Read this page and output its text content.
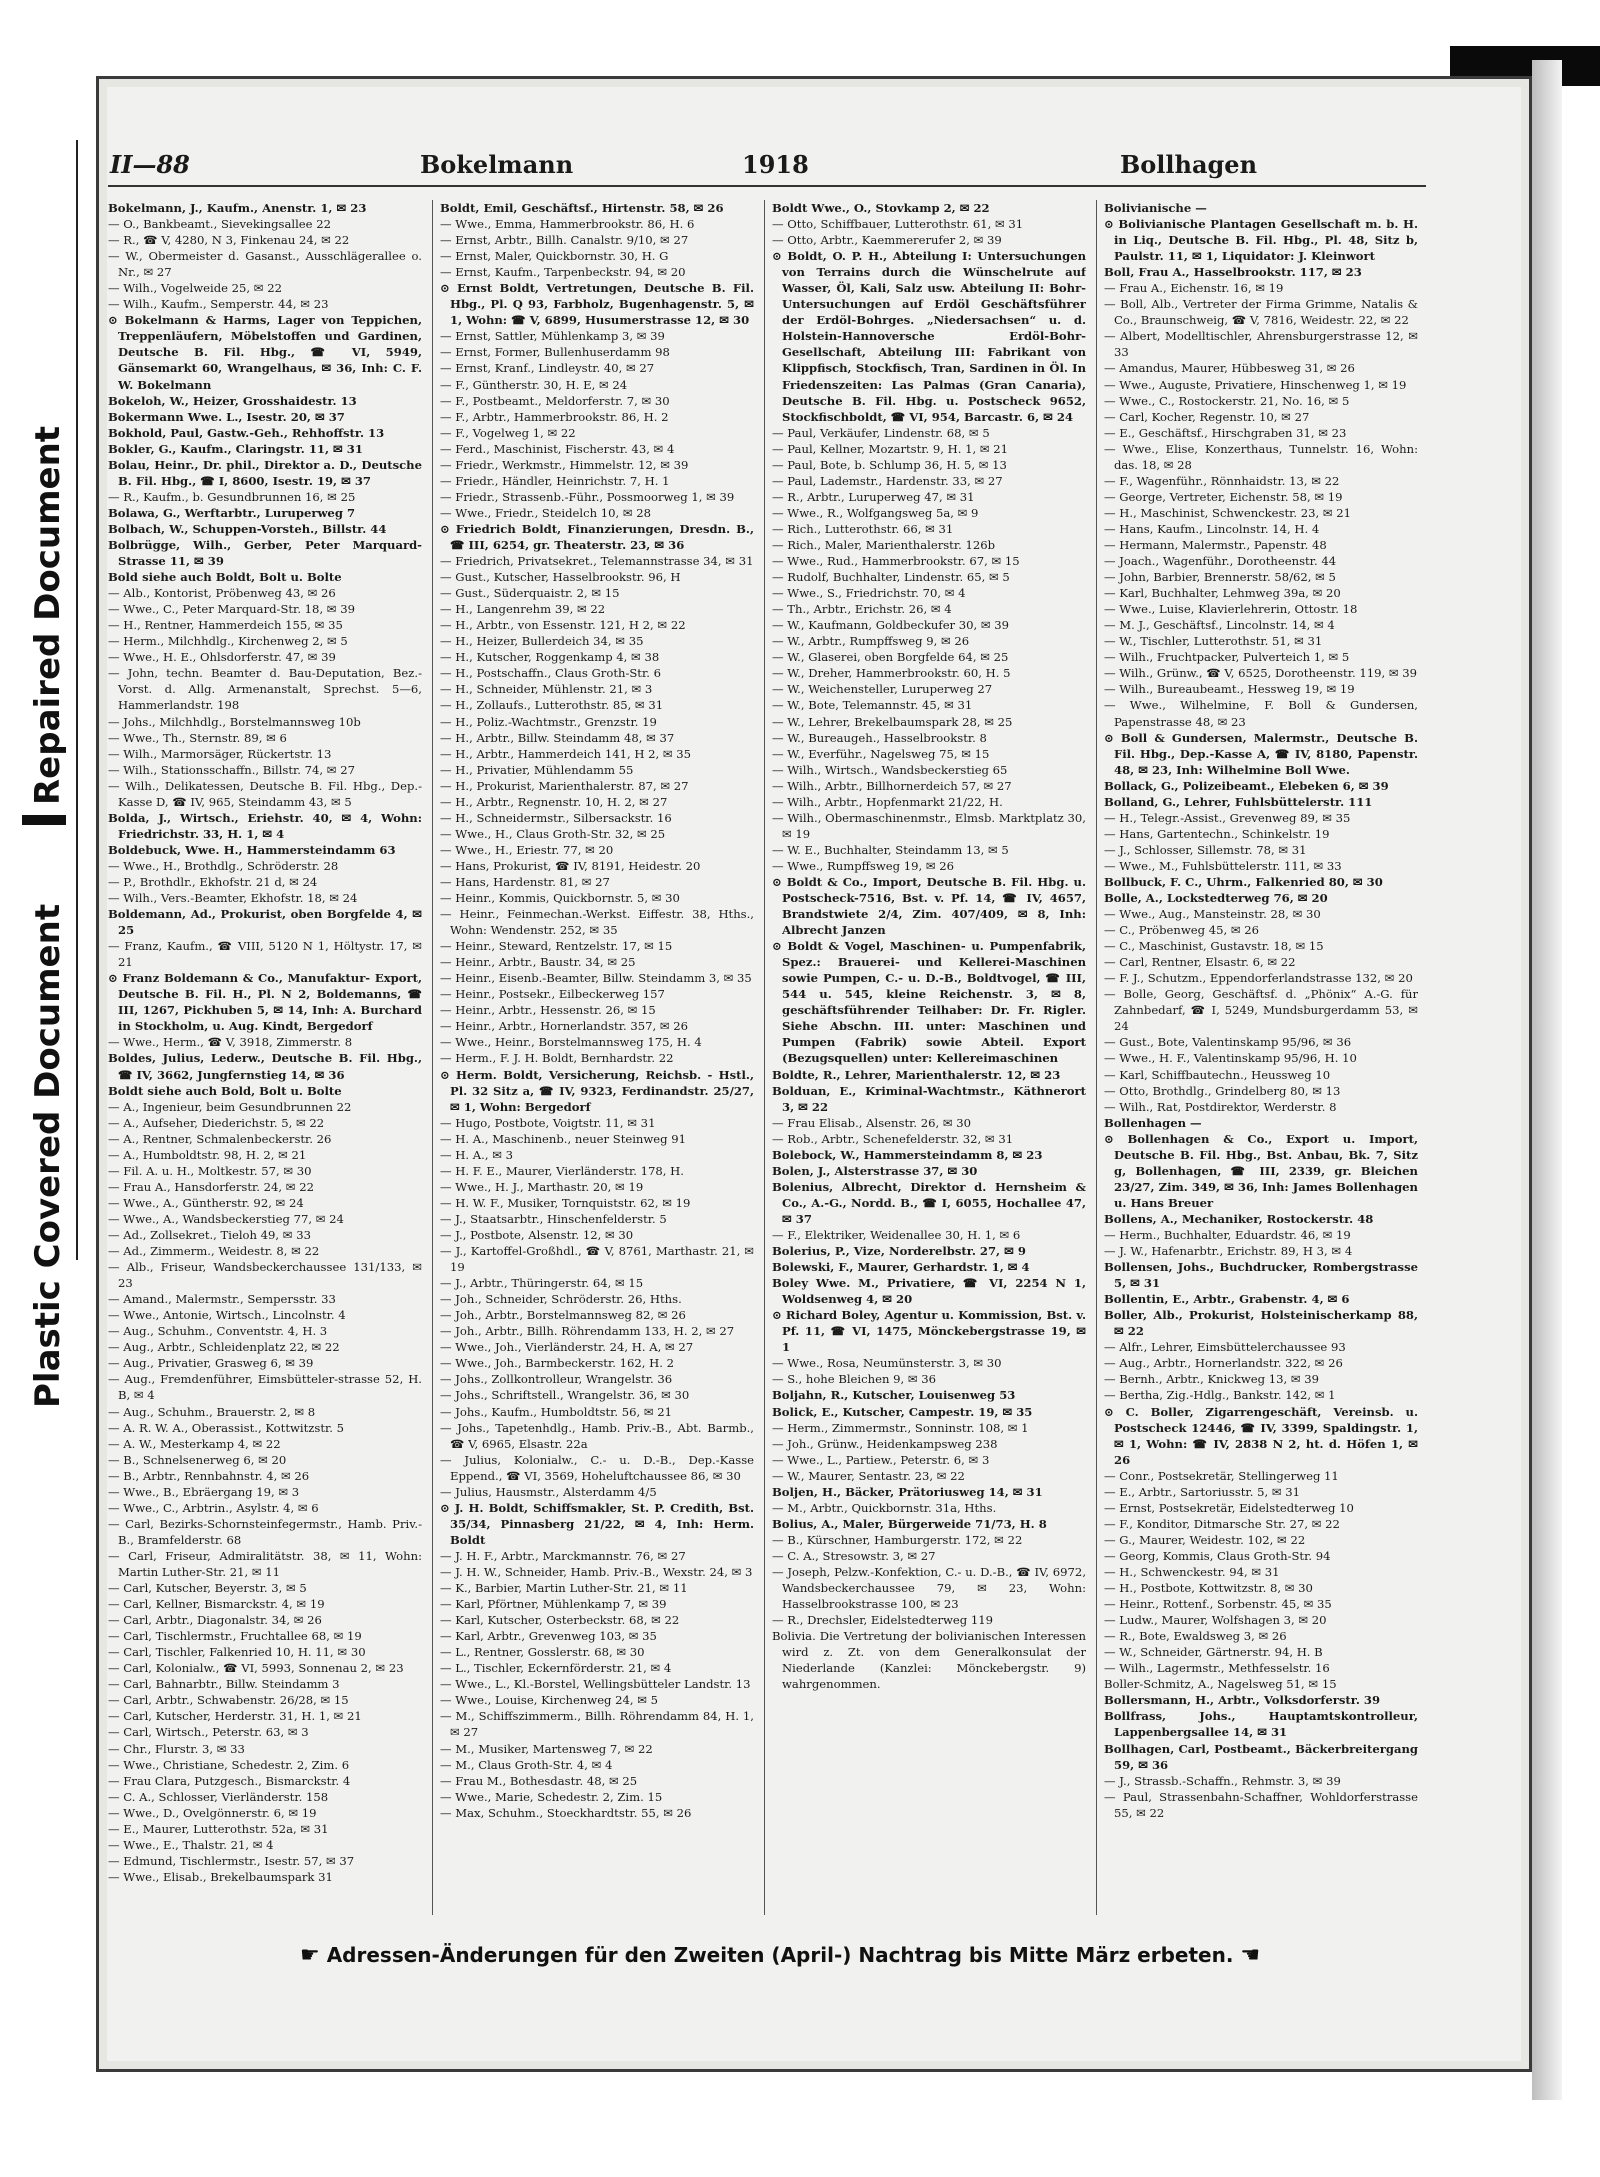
Repaired Document
Plastic Covered Document
II—88	Bokelmann	1918	Bollhagen

Bokelmann, J., Kaufm., Anenstr. 1, ✉ 23

— O., Bankbeamt., Sievekingsallee 22

— R., ☎ V, 4280, N 3, Finkenau 24, ✉ 22

— W., Obermeister d. Gasanst., Ausschlägerallee o. Nr., ✉ 27

— Wilh., Vogelweide 25, ✉ 22

— Wilh., Kaufm., Semperstr. 44, ✉ 23

⊙ Bokelmann & Harms, Lager von Teppichen, Treppenläufern, Möbelstoffen und Gardinen, Deutsche B. Fil. Hbg., ☎ VI, 5949, Gänsemarkt 60, Wrangelhaus, ✉ 36, Inh: C. F. W. Bokelmann

Bokeloh, W., Heizer, Grosshaidestr. 13

Bokermann Wwe. L., Isestr. 20, ✉ 37

Bokhold, Paul, Gastw.-Geh., Rehhoffstr. 13

Bokler, G., Kaufm., Claringstr. 11, ✉ 31

Bolau, Heinr., Dr. phil., Direktor a. D., Deutsche B. Fil. Hbg., ☎ I, 8600, Isestr. 19, ✉ 37

— R., Kaufm., b. Gesundbrunnen 16, ✉ 25

Bolawa, G., Werftarbtr., Luruperweg 7

Bolbach, W., Schuppen-Vorsteh., Billstr. 44

Bolbrügge, Wilh., Gerber, Peter Marquard-Strasse 11, ✉ 39

Bold siehe auch Boldt, Bolt u. Bolte

— Alb., Kontorist, Pröbenweg 43, ✉ 26

— Wwe., C., Peter Marquard-Str. 18, ✉ 39

— H., Rentner, Hammerdeich 155, ✉ 35

— Herm., Milchhdlg., Kirchenweg 2, ✉ 5

— Wwe., H. E., Ohlsdorferstr. 47, ✉ 39

— John, techn. Beamter d. Bau-Deputation, Bez.-Vorst. d. Allg. Armenanstalt, Sprechst. 5—6, Hammerlandstr. 198

— Johs., Milchhdlg., Borstelmannsweg 10b

— Wwe., Th., Sternstr. 89, ✉ 6

— Wilh., Marmorsäger, Rückertstr. 13

— Wilh., Stationsschaffn., Billstr. 74, ✉ 27

— Wilh., Delikatessen, Deutsche B. Fil. Hbg., Dep.-Kasse D, ☎ IV, 965, Steindamm 43, ✉ 5

Bolda, J., Wirtsch., Eriehstr. 40, ✉ 4, Wohn: Friedrichstr. 33, H. 1, ✉ 4

Boldebuck, Wwe. H., Hammersteindamm 63

— Wwe., H., Brothdlg., Schröderstr. 28

— P., Brothdlr., Ekhofstr. 21 d, ✉ 24

— Wilh., Vers.-Beamter, Ekhofstr. 18, ✉ 24

Boldemann, Ad., Prokurist, oben Borgfelde 4, ✉ 25

— Franz, Kaufm., ☎ VIII, 5120 N 1, Höltystr. 17, ✉ 21

⊙ Franz Boldemann & Co., Manufaktur- Export, Deutsche B. Fil. H., Pl. N 2, Boldemanns, ☎ III, 1267, Pickhuben 5, ✉ 14, Inh: A. Burchard in Stockholm, u. Aug. Kindt, Bergedorf

— Wwe., Herm., ☎ V, 3918, Zimmerstr. 8

Boldes, Julius, Lederw., Deutsche B. Fil. Hbg., ☎ IV, 3662, Jungfernstieg 14, ✉ 36

Boldt siehe auch Bold, Bolt u. Bolte

— A., Ingenieur, beim Gesundbrunnen 22

— A., Aufseher, Diederichstr. 5, ✉ 22

— A., Rentner, Schmalenbeckerstr. 26

— A., Humboldtstr. 98, H. 2, ✉ 21

— Fil. A. u. H., Moltkestr. 57, ✉ 30

— Frau A., Hansdorferstr. 24, ✉ 22

— Wwe., A., Güntherstr. 92, ✉ 24

— Wwe., A., Wandsbeckerstieg 77, ✉ 24

— Ad., Zollsekret., Tieloh 49, ✉ 33

— Ad., Zimmerm., Weidestr. 8, ✉ 22

— Alb., Friseur, Wandsbeckerchaussee 131/133, ✉ 23

— Amand., Malermstr., Sempersstr. 33

— Wwe., Antonie, Wirtsch., Lincolnstr. 4

— Aug., Schuhm., Conventstr. 4, H. 3

— Aug., Arbtr., Schleidenplatz 22, ✉ 22

— Aug., Privatier, Grasweg 6, ✉ 39

— Aug., Fremdenführer, Eimsbütteler-strasse 52, H. B, ✉ 4

— Aug., Schuhm., Brauerstr. 2, ✉ 8

— A. R. W. A., Oberassist., Kottwitzstr. 5

— A. W., Mesterkamp 4, ✉ 22

— B., Schnelsenerweg 6, ✉ 20

— B., Arbtr., Rennbahnstr. 4, ✉ 26

— Wwe., B., Ebräergang 19, ✉ 3

— Wwe., C., Arbtrin., Asylstr. 4, ✉ 6

— Carl, Bezirks-Schornsteinfegermstr., Hamb. Priv.-B., Bramfelderstr. 68

— Carl, Friseur, Admiralitätstr. 38, ✉ 11, Wohn: Martin Luther-Str. 21, ✉ 11

— Carl, Kutscher, Beyerstr. 3, ✉ 5

— Carl, Kellner, Bismarckstr. 4, ✉ 19

— Carl, Arbtr., Diagonalstr. 34, ✉ 26

— Carl, Tischlermstr., Fruchtallee 68, ✉ 19

— Carl, Tischler, Falkenried 10, H. 11, ✉ 30

— Carl, Kolonialw., ☎ VI, 5993, Sonnenau 2, ✉ 23

— Carl, Bahnarbtr., Billw. Steindamm 3

— Carl, Arbtr., Schwabenstr. 26/28, ✉ 15

— Carl, Kutscher, Herderstr. 31, H. 1, ✉ 21

— Carl, Wirtsch., Peterstr. 63, ✉ 3

— Chr., Flurstr. 3, ✉ 33

— Wwe., Christiane, Schedestr. 2, Zim. 6

— Frau Clara, Putzgesch., Bismarckstr. 4

— C. A., Schlosser, Vierländerstr. 158

— Wwe., D., Ovelgönnerstr. 6, ✉ 19

— E., Maurer, Lutterothstr. 52a, ✉ 31

— Wwe., E., Thalstr. 21, ✉ 4

— Edmund, Tischlermstr., Isestr. 57, ✉ 37

— Wwe., Elisab., Brekelbaumspark 31

Boldt, Emil, Geschäftsf., Hirtenstr. 58, ✉ 26

— Wwe., Emma, Hammerbrookstr. 86, H. 6

— Ernst, Arbtr., Billh. Canalstr. 9/10, ✉ 27

— Ernst, Maler, Quickbornstr. 30, H. G

— Ernst, Kaufm., Tarpenbeckstr. 94, ✉ 20

⊙ Ernst Boldt, Vertretungen, Deutsche B. Fil. Hbg., Pl. Q 93, Farbholz, Bugenhagenstr. 5, ✉ 1, Wohn: ☎ V, 6899, Husumerstrasse 12, ✉ 30

— Ernst, Sattler, Mühlenkamp 3, ✉ 39

— Ernst, Former, Bullenhuserdamm 98

— Ernst, Kranf., Lindleystr. 40, ✉ 27

— F., Güntherstr. 30, H. E, ✉ 24

— F., Postbeamt., Meldorferstr. 7, ✉ 30

— F., Arbtr., Hammerbrookstr. 86, H. 2

— F., Vogelweg 1, ✉ 22

— Ferd., Maschinist, Fischerstr. 43, ✉ 4

— Friedr., Werkmstr., Himmelstr. 12, ✉ 39

— Friedr., Händler, Heinrichstr. 7, H. 1

— Friedr., Strassenb.-Führ., Possmoorweg 1, ✉ 39

— Wwe., Friedr., Steidelch 10, ✉ 28

⊙ Friedrich Boldt, Finanzierungen, Dresdn. B., ☎ III, 6254, gr. Theaterstr. 23, ✉ 36

— Friedrich, Privatsekret., Telemannstrasse 34, ✉ 31

— Gust., Kutscher, Hasselbrookstr. 96, H

— Gust., Süderquaistr. 2, ✉ 15

— H., Langenrehm 39, ✉ 22

— H., Arbtr., von Essenstr. 121, H 2, ✉ 22

— H., Heizer, Bullerdeich 34, ✉ 35

— H., Kutscher, Roggenkamp 4, ✉ 38

— H., Postschaffn., Claus Groth-Str. 6

— H., Schneider, Mühlenstr. 21, ✉ 3

— H., Zollaufs., Lutterothstr. 85, ✉ 31

— H., Poliz.-Wachtmstr., Grenzstr. 19

— H., Arbtr., Billw. Steindamm 48, ✉ 37

— H., Arbtr., Hammerdeich 141, H 2, ✉ 35

— H., Privatier, Mühlendamm 55

— H., Prokurist, Marienthalerstr. 87, ✉ 27

— H., Arbtr., Regnenstr. 10, H. 2, ✉ 27

— H., Schneidermstr., Silbersackstr. 16

— Wwe., H., Claus Groth-Str. 32, ✉ 25

— Wwe., H., Eriestr. 77, ✉ 20

— Hans, Prokurist, ☎ IV, 8191, Heidestr. 20

— Hans, Hardenstr. 81, ✉ 27

— Heinr., Kommis, Quickbornstr. 5, ✉ 30

— Heinr., Feinmechan.-Werkst. Eiffestr. 38, Hths., Wohn: Wendenstr. 252, ✉ 35

— Heinr., Steward, Rentzelstr. 17, ✉ 15

— Heinr., Arbtr., Baustr. 34, ✉ 25

— Heinr., Eisenb.-Beamter, Billw. Steindamm 3, ✉ 35

— Heinr., Postsekr., Eilbeckerweg 157

— Heinr., Arbtr., Hessenstr. 26, ✉ 15

— Heinr., Arbtr., Hornerlandstr. 357, ✉ 26

— Wwe., Heinr., Borstelmannsweg 175, H. 4

— Herm., F. J. H. Boldt, Bernhardstr. 22

⊙ Herm. Boldt, Versicherung, Reichsb. - Hstl., Pl. 32 Sitz a, ☎ IV, 9323, Ferdinandstr. 25/27, ✉ 1, Wohn: Bergedorf

— Hugo, Postbote, Voigtstr. 11, ✉ 31

— H. A., Maschinenb., neuer Steinweg 91

— H. A., ✉ 3

— H. F. E., Maurer, Vierländerstr. 178, H.

— Wwe., H. J., Marthastr. 20, ✉ 19

— H. W. F., Musiker, Tornquiststr. 62, ✉ 19

— J., Staatsarbtr., Hinschenfelderstr. 5

— J., Postbote, Alsenstr. 12, ✉ 30

— J., Kartoffel-Großhdl., ☎ V, 8761, Marthastr. 21, ✉ 19

— J., Arbtr., Thüringerstr. 64, ✉ 15

— Joh., Schneider, Schröderstr. 26, Hths.

— Joh., Arbtr., Borstelmannsweg 82, ✉ 26

— Joh., Arbtr., Billh. Röhrendamm 133, H. 2, ✉ 27

— Wwe., Joh., Vierländerstr. 24, H. A, ✉ 27

— Wwe., Joh., Barmbeckerstr. 162, H. 2

— Johs., Zollkontrolleur, Wrangelstr. 36

— Johs., Schriftstell., Wrangelstr. 36, ✉ 30

— Johs., Kaufm., Humboldtstr. 56, ✉ 21

— Johs., Tapetenhdlg., Hamb. Priv.-B., Abt. Barmb., ☎ V, 6965, Elsastr. 22a

— Julius, Kolonialw., C.- u. D.-B., Dep.-Kasse Eppend., ☎ VI, 3569, Hoheluftchaussee 86, ✉ 30

— Julius, Hausmstr., Alsterdamm 4/5

⊙ J. H. Boldt, Schiffsmakler, St. P. Credith, Bst. 35/34, Pinnasberg 21/22, ✉ 4, Inh: Herm. Boldt

— J. H. F., Arbtr., Marckmannstr. 76, ✉ 27

— J. H. W., Schneider, Hamb. Priv.-B., Wexstr. 24, ✉ 3

— K., Barbier, Martin Luther-Str. 21, ✉ 11

— Karl, Pförtner, Mühlenkamp 7, ✉ 39

— Karl, Kutscher, Osterbeckstr. 68, ✉ 22

— Karl, Arbtr., Grevenweg 103, ✉ 35

— L., Rentner, Gosslerstr. 68, ✉ 30

— L., Tischler, Eckernförderstr. 21, ✉ 4

— Wwe., L., Kl.-Borstel, Wellingsbütteler Landstr. 13

— Wwe., Louise, Kirchenweg 24, ✉ 5

— M., Schiffszimmerm., Billh. Röhrendamm 84, H. 1, ✉ 27

— M., Musiker, Martensweg 7, ✉ 22

— M., Claus Groth-Str. 4, ✉ 4

— Frau M., Bothesdastr. 48, ✉ 25

— Wwe., Marie, Schedestr. 2, Zim. 15

— Max, Schuhm., Stoeckhardtstr. 55, ✉ 26

Boldt Wwe., O., Stovkamp 2, ✉ 22

— Otto, Schiffbauer, Lutterothstr. 61, ✉ 31

— Otto, Arbtr., Kaemmererufer 2, ✉ 39

⊙ Boldt, O. P. H., Abteilung I: Untersuchungen von Terrains durch die Wünschelrute auf Wasser, Öl, Kali, Salz usw. Abteilung II: Bohr-Untersuchungen auf Erdöl Geschäftsführer der Erdöl-Bohrges. „Niedersachsen“ u. d. Holstein-Hannoversche Erdöl-Bohr-Gesellschaft, Abteilung III: Fabrikant von Klippfisch, Stockfisch, Tran, Sardinen in Öl. In Friedenszeiten: Las Palmas (Gran Canaria), Deutsche B. Fil. Hbg. u. Postscheck 9652, Stockfischboldt, ☎ VI, 954, Barcastr. 6, ✉ 24

— Paul, Verkäufer, Lindenstr. 68, ✉ 5

— Paul, Kellner, Mozartstr. 9, H. 1, ✉ 21

— Paul, Bote, b. Schlump 36, H. 5, ✉ 13

— Paul, Lademstr., Hardenstr. 33, ✉ 27

— R., Arbtr., Luruperweg 47, ✉ 31

— Wwe., R., Wolfgangsweg 5a, ✉ 9

— Rich., Lutterothstr. 66, ✉ 31

— Rich., Maler, Marienthalerstr. 126b

— Wwe., Rud., Hammerbrookstr. 67, ✉ 15

— Rudolf, Buchhalter, Lindenstr. 65, ✉ 5

— Wwe., S., Friedrichstr. 70, ✉ 4

— Th., Arbtr., Erichstr. 26, ✉ 4

— W., Kaufmann, Goldbeckufer 30, ✉ 39

— W., Arbtr., Rumpffsweg 9, ✉ 26

— W., Glaserei, oben Borgfelde 64, ✉ 25

— W., Dreher, Hammerbrookstr. 60, H. 5

— W., Weichensteller, Luruperweg 27

— W., Bote, Telemannstr. 45, ✉ 31

— W., Lehrer, Brekelbaumspark 28, ✉ 25

— W., Bureaugeh., Hasselbrookstr. 8

— W., Everführ., Nagelsweg 75, ✉ 15

— Wilh., Wirtsch., Wandsbeckerstieg 65

— Wilh., Arbtr., Billhornerdeich 57, ✉ 27

— Wilh., Arbtr., Hopfenmarkt 21/22, H.

— Wilh., Obermaschinenmstr., Elmsb. Marktplatz 30, ✉ 19

— W. E., Buchhalter, Steindamm 13, ✉ 5

— Wwe., Rumpffsweg 19, ✉ 26

⊙ Boldt & Co., Import, Deutsche B. Fil. Hbg. u. Postscheck-7516, Bst. v. Pf. 14, ☎ IV, 4657, Brandstwiete 2/4, Zim. 407/409, ✉ 8, Inh: Albrecht Janzen

⊙ Boldt & Vogel, Maschinen- u. Pumpenfabrik, Spez.: Brauerei- und Kellerei-Maschinen sowie Pumpen, C.- u. D.-B., Boldtvogel, ☎ III, 544 u. 545, kleine Reichenstr. 3, ✉ 8, geschäftsführender Teilhaber: Dr. Fr. Rigler. Siehe Abschn. III. unter: Maschinen und Pumpen (Fabrik) sowie Abteil. Export (Bezugsquellen) unter: Kellereimaschinen

Boldte, R., Lehrer, Marienthalerstr. 12, ✉ 23

Bolduan, E., Kriminal-Wachtmstr., Käthnerort 3, ✉ 22

— Frau Elisab., Alsenstr. 26, ✉ 30

— Rob., Arbtr., Schenefelderstr. 32, ✉ 31

Bolebock, W., Hammersteindamm 8, ✉ 23

Bolen, J., Alsterstrasse 37, ✉ 30

Bolenius, Albrecht, Direktor d. Hernsheim & Co., A.-G., Nordd. B., ☎ I, 6055, Hochallee 47, ✉ 37

— F., Elektriker, Weidenallee 30, H. 1, ✉ 6

Bolerius, P., Vize, Norderelbstr. 27, ✉ 9

Bolewski, F., Maurer, Gerhardstr. 1, ✉ 4

Boley Wwe. M., Privatiere, ☎ VI, 2254 N 1, Woldsenweg 4, ✉ 20

⊙ Richard Boley, Agentur u. Kommission, Bst. v. Pf. 11, ☎ VI, 1475, Mönckebergstrasse 19, ✉ 1

— Wwe., Rosa, Neumünsterstr. 3, ✉ 30

— S., hohe Bleichen 9, ✉ 36

Boljahn, R., Kutscher, Louisenweg 53

Bolick, E., Kutscher, Campestr. 19, ✉ 35

— Herm., Zimmermstr., Sonninstr. 108, ✉ 1

— Joh., Grünw., Heidenkampsweg 238

— Wwe., L., Partiew., Peterstr. 6, ✉ 3

— W., Maurer, Sentastr. 23, ✉ 22

Boljen, H., Bäcker, Prätoriusweg 14, ✉ 31

— M., Arbtr., Quickbornstr. 31a, Hths.

Bolius, A., Maler, Bürgerweide 71/73, H. 8

— B., Kürschner, Hamburgerstr. 172, ✉ 22

— C. A., Stresowstr. 3, ✉ 27

— Joseph, Pelzw.-Konfektion, C.- u. D.-B., ☎ IV, 6972, Wandsbeckerchaussee 79, ✉ 23, Wohn: Hasselbrookstrasse 100, ✉ 23

— R., Drechsler, Eidelstedterweg 119

Bolivia. Die Vertretung der bolivianischen Interessen wird z. Zt. von dem Generalkonsulat der Niederlande (Kanzlei: Mönckebergstr. 9) wahrgenommen.

Bolivianische —

⊙ Bolivianische Plantagen Gesellschaft m. b. H. in Liq., Deutsche B. Fil. Hbg., Pl. 48, Sitz b, Paulstr. 11, ✉ 1, Liquidator: J. Kleinwort

Boll, Frau A., Hasselbrookstr. 117, ✉ 23

— Frau A., Eichenstr. 16, ✉ 19

— Boll, Alb., Vertreter der Firma Grimme, Natalis & Co., Braunschweig, ☎ V, 7816, Weidestr. 22, ✉ 22

— Albert, Modelltischler, Ahrensburgerstrasse 12, ✉ 33

— Amandus, Maurer, Hübbesweg 31, ✉ 26

— Wwe., Auguste, Privatiere, Hinschenweg 1, ✉ 19

— Wwe., C., Rostockerstr. 21, No. 16, ✉ 5

— Carl, Kocher, Regenstr. 10, ✉ 27

— E., Geschäftsf., Hirschgraben 31, ✉ 23

— Wwe., Elise, Konzerthaus, Tunnelstr. 16, Wohn: das. 18, ✉ 28

— F., Wagenführ., Rönnhaidstr. 13, ✉ 22

— George, Vertreter, Eichenstr. 58, ✉ 19

— H., Maschinist, Schwenckestr. 23, ✉ 21

— Hans, Kaufm., Lincolnstr. 14, H. 4

— Hermann, Malermstr., Papenstr. 48

— Joach., Wagenführ., Dorotheenstr. 44

— John, Barbier, Brennerstr. 58/62, ✉ 5

— Karl, Buchhalter, Lehmweg 39a, ✉ 20

— Wwe., Luise, Klavierlehrerin, Ottostr. 18

— M. J., Geschäftsf., Lincolnstr. 14, ✉ 4

— W., Tischler, Lutterothstr. 51, ✉ 31

— Wilh., Fruchtpacker, Pulverteich 1, ✉ 5

— Wilh., Grünw., ☎ V, 6525, Dorotheenstr. 119, ✉ 39

— Wilh., Bureaubeamt., Hessweg 19, ✉ 19

— Wwe., Wilhelmine, F. Boll & Gundersen, Papenstrasse 48, ✉ 23

⊙ Boll & Gundersen, Malermstr., Deutsche B. Fil. Hbg., Dep.-Kasse A, ☎ IV, 8180, Papenstr. 48, ✉ 23, Inh: Wilhelmine Boll Wwe.

Bollack, G., Polizeibeamt., Elebeken 6, ✉ 39

Bolland, G., Lehrer, Fuhlsbüttelerstr. 111

— H., Telegr.-Assist., Grevenweg 89, ✉ 35

— Hans, Gartentechn., Schinkelstr. 19

— J., Schlosser, Sillemstr. 78, ✉ 31

— Wwe., M., Fuhlsbüttelerstr. 111, ✉ 33

Bollbuck, F. C., Uhrm., Falkenried 80, ✉ 30

Bolle, A., Lockstedterweg 76, ✉ 20

— Wwe., Aug., Mansteinstr. 28, ✉ 30

— C., Pröbenweg 45, ✉ 26

— C., Maschinist, Gustavstr. 18, ✉ 15

— Carl, Rentner, Elsastr. 6, ✉ 22

— F. J., Schutzm., Eppendorferlandstrasse 132, ✉ 20

— Bolle, Georg, Geschäftsf. d. „Phönix“ A.-G. für Zahnbedarf, ☎ I, 5249, Mundsburgerdamm 53, ✉ 24

— Gust., Bote, Valentinskamp 95/96, ✉ 36

— Wwe., H. F., Valentinskamp 95/96, H. 10

— Karl, Schiffbautechn., Heussweg 10

— Otto, Brothdlg., Grindelberg 80, ✉ 13

— Wilh., Rat, Postdirektor, Werderstr. 8

Bollenhagen —

⊙ Bollenhagen & Co., Export u. Import, Deutsche B. Fil. Hbg., Bst. Anbau, Bk. 7, Sitz g, Bollenhagen, ☎ III, 2339, gr. Bleichen 23/27, Zim. 349, ✉ 36, Inh: James Bollenhagen u. Hans Breuer

Bollens, A., Mechaniker, Rostockerstr. 48

— Herm., Buchhalter, Eduardstr. 46, ✉ 19

— J. W., Hafenarbtr., Erichstr. 89, H 3, ✉ 4

Bollensen, Johs., Buchdrucker, Rombergstrasse 5, ✉ 31

Bollentin, E., Arbtr., Grabenstr. 4, ✉ 6

Boller, Alb., Prokurist, Holsteinischerkamp 88, ✉ 22

— Alfr., Lehrer, Eimsbüttelerchaussee 93

— Aug., Arbtr., Hornerlandstr. 322, ✉ 26

— Bernh., Arbtr., Knickweg 13, ✉ 39

— Bertha, Zig.-Hdlg., Bankstr. 142, ✉ 1

⊙ C. Boller, Zigarrengeschäft, Vereinsb. u. Postscheck 12446, ☎ IV, 3399, Spaldingstr. 1, ✉ 1, Wohn: ☎ IV, 2838 N 2, ht. d. Höfen 1, ✉ 26

— Conr., Postsekretär, Stellingerweg 11

— E., Arbtr., Sartoriusstr. 5, ✉ 31

— Ernst, Postsekretär, Eidelstedterweg 10

— F., Konditor, Ditmarsche Str. 27, ✉ 22

— G., Maurer, Weidestr. 102, ✉ 22

— Georg, Kommis, Claus Groth-Str. 94

— H., Schwenckestr. 94, ✉ 31

— H., Postbote, Kottwitzstr. 8, ✉ 30

— Heinr., Rottenf., Sorbenstr. 45, ✉ 35

— Ludw., Maurer, Wolfshagen 3, ✉ 20

— R., Bote, Ewaldsweg 3, ✉ 26

— W., Schneider, Gärtnerstr. 94, H. B

— Wilh., Lagermstr., Methfesselstr. 16

Boller-Schmitz, A., Nagelsweg 51, ✉ 15

Bollersmann, H., Arbtr., Volksdorferstr. 39

Bollfrass, Johs., Hauptamtskontrolleur, Lappenbergsallee 14, ✉ 31

Bollhagen, Carl, Postbeamt., Bäckerbreitergang 59, ✉ 36

— J., Strassb.-Schaffn., Rehmstr. 3, ✉ 39

— Paul, Strassenbahn-Schaffner, Wohldorferstrasse 55, ✉ 22

☛ Adressen-Änderungen für den Zweiten (April-) Nachtrag bis Mitte März erbeten. ☚
